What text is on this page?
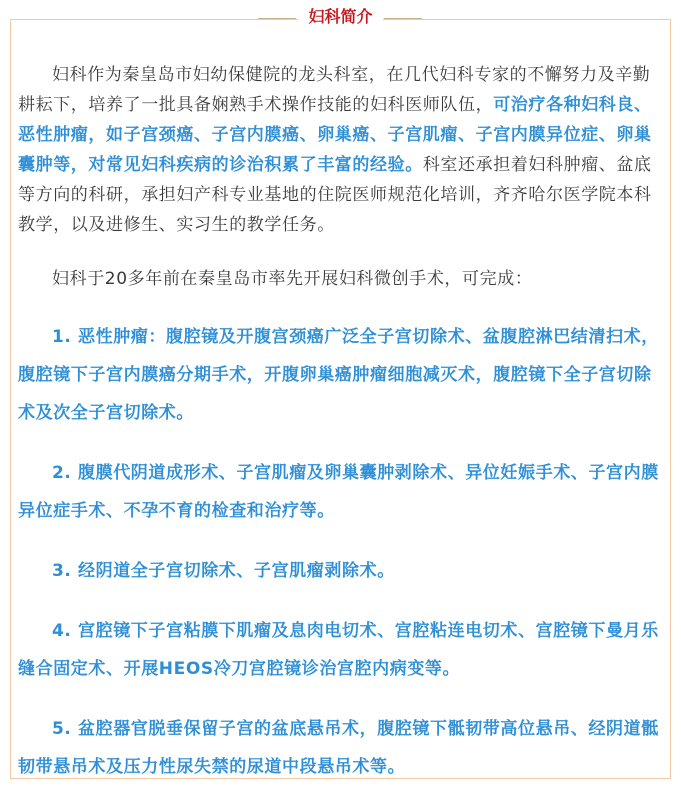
妇科简介

妇科作为秦皇岛市妇幼保健院的龙头科室，在几代妇科专家的不懈努力及辛勤耕耘下，培养了一批具备娴熟手术操作技能的妇科医师队伍，可治疗各种妇科良、恶性肿瘤，如子宫颈癌、子宫内膜癌、卵巢癌、子宫肌瘤、子宫内膜异位症、卵巢囊肿等，对常见妇科疾病的诊治积累了丰富的经验。科室还承担着妇科肿瘤、盆底等方向的科研，承担妇产科专业基地的住院医师规范化培训，齐齐哈尔医学院本科教学，以及进修生、实习生的教学任务。

妇科于20多年前在秦皇岛市率先开展妇科微创手术，可完成：

1. 恶性肿瘤：腹腔镜及开腹宫颈癌广泛全子宫切除术、盆腹腔淋巴结清扫术，腹腔镜下子宫内膜癌分期手术，开腹卵巢癌肿瘤细胞减灭术，腹腔镜下全子宫切除术及次全子宫切除术。

2. 腹膜代阴道成形术、子宫肌瘤及卵巢囊肿剥除术、异位妊娠手术、子宫内膜异位症手术、不孕不育的检查和治疗等。

3. 经阴道全子宫切除术、子宫肌瘤剥除术。

4. 宫腔镜下子宫粘膜下肌瘤及息肉电切术、宫腔粘连电切术、宫腔镜下曼月乐缝合固定术、开展HEOS冷刀宫腔镜诊治宫腔内病变等。

5. 盆腔器官脱垂保留子宫的盆底悬吊术，腹腔镜下骶韧带高位悬吊、经阴道骶韧带悬吊术及压力性尿失禁的尿道中段悬吊术等。
